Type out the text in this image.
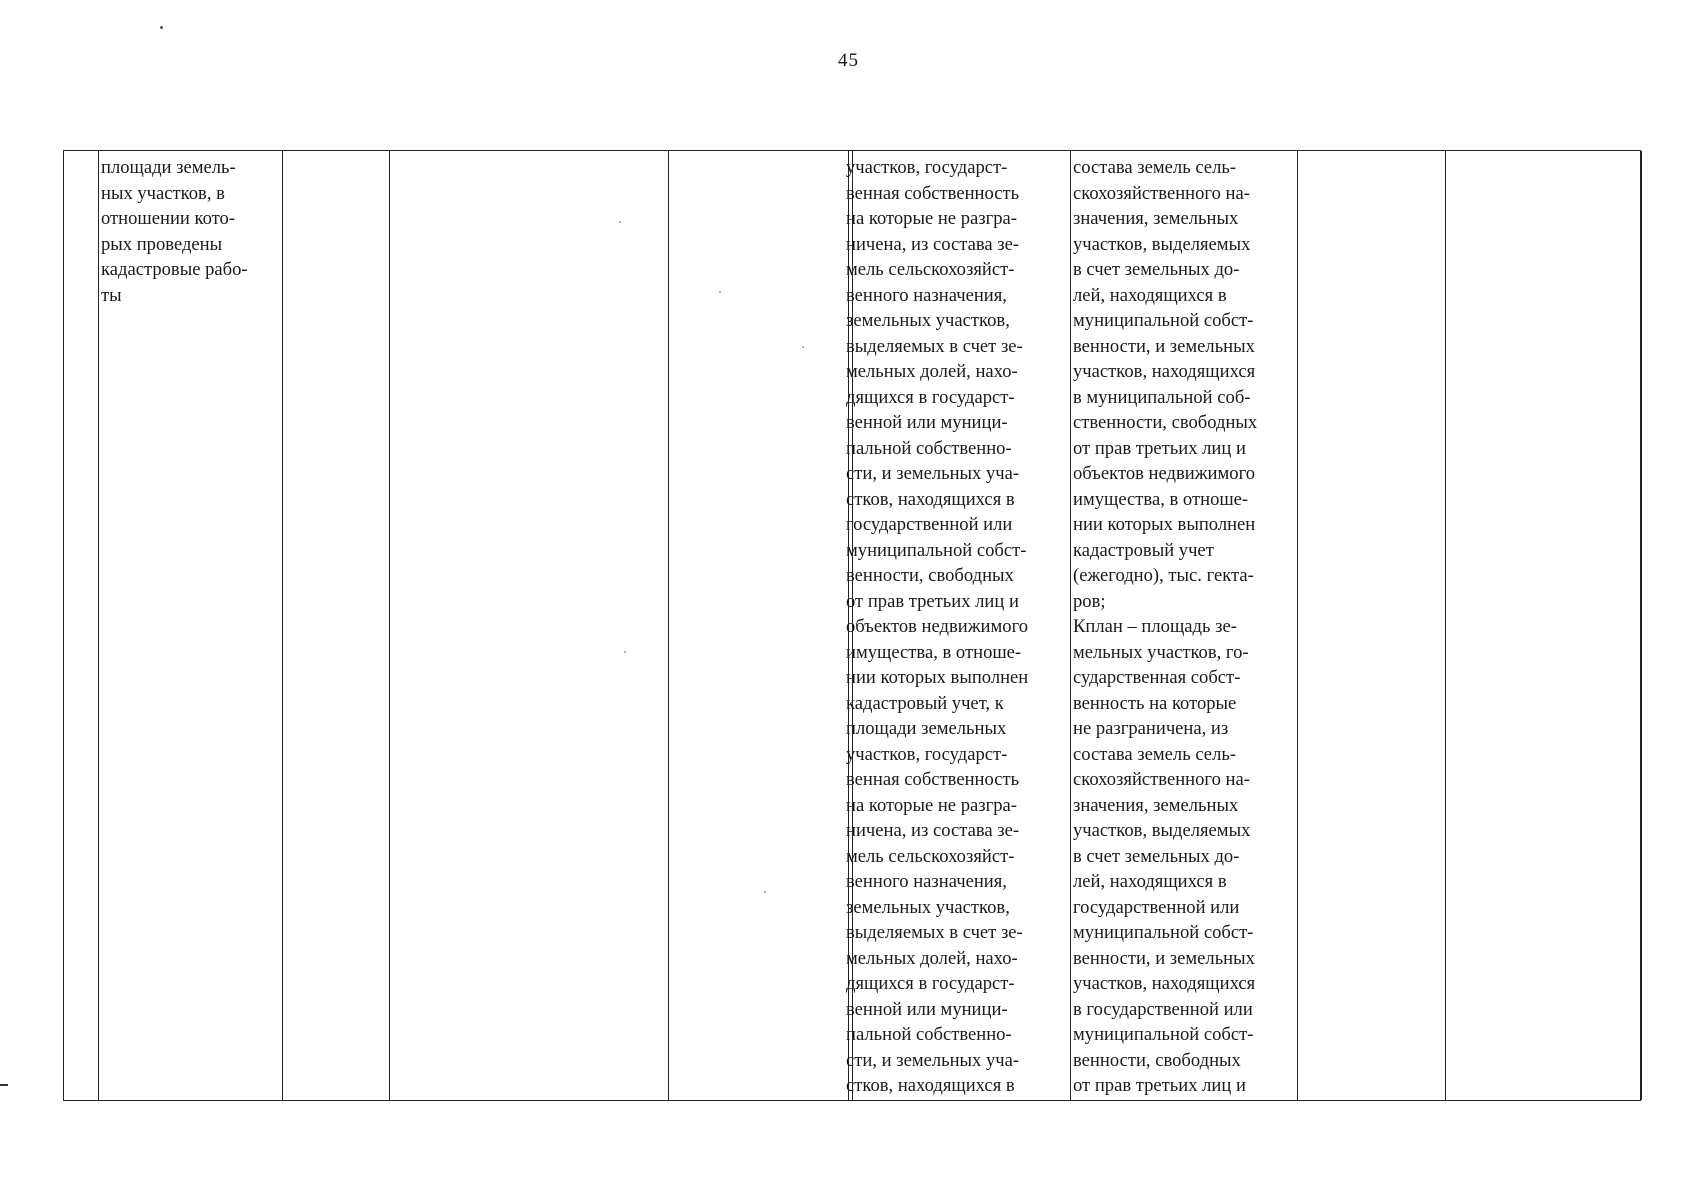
45
площади земель-
ных участков, в
отношении кото-
рых проведены
кадастровые рабо-
ты
участков, государст-
венная собственность
на которые не разгра-
ничена, из состава зе-
мель сельскохозяйст-
венного назначения,
земельных участков,
выделяемых в счет зе-
мельных долей, нахо-
дящихся в государст-
венной или муници-
пальной собственно-
сти, и земельных уча-
стков, находящихся в
государственной или
муниципальной собст-
венности, свободных
от прав третьих лиц и
объектов недвижимого
имущества, в отноше-
нии которых выполнен
кадастровый учет, к
площади земельных
участков, государст-
венная собственность
на которые не разгра-
ничена, из состава зе-
мель сельскохозяйст-
венного назначения,
земельных участков,
выделяемых в счет зе-
мельных долей, нахо-
дящихся в государст-
венной или муници-
пальной собственно-
сти, и земельных уча-
стков, находящихся в
состава земель сель-
скохозяйственного на-
значения, земельных
участков, выделяемых
в счет земельных до-
лей, находящихся в
муниципальной собст-
венности, и земельных
участков, находящихся
в муниципальной соб-
ственности, свободных
от прав третьих лиц и
объектов недвижимого
имущества, в отноше-
нии которых выполнен
кадастровый учет
(ежегодно), тыс. гекта-
ров;
Кплан – площадь зе-
мельных участков, го-
сударственная собст-
венность на которые
не разграничена, из
состава земель сель-
скохозяйственного на-
значения, земельных
участков, выделяемых
в счет земельных до-
лей, находящихся в
государственной или
муниципальной собст-
венности, и земельных
участков, находящихся
в государственной или
муниципальной собст-
венности, свободных
от прав третьих лиц и
